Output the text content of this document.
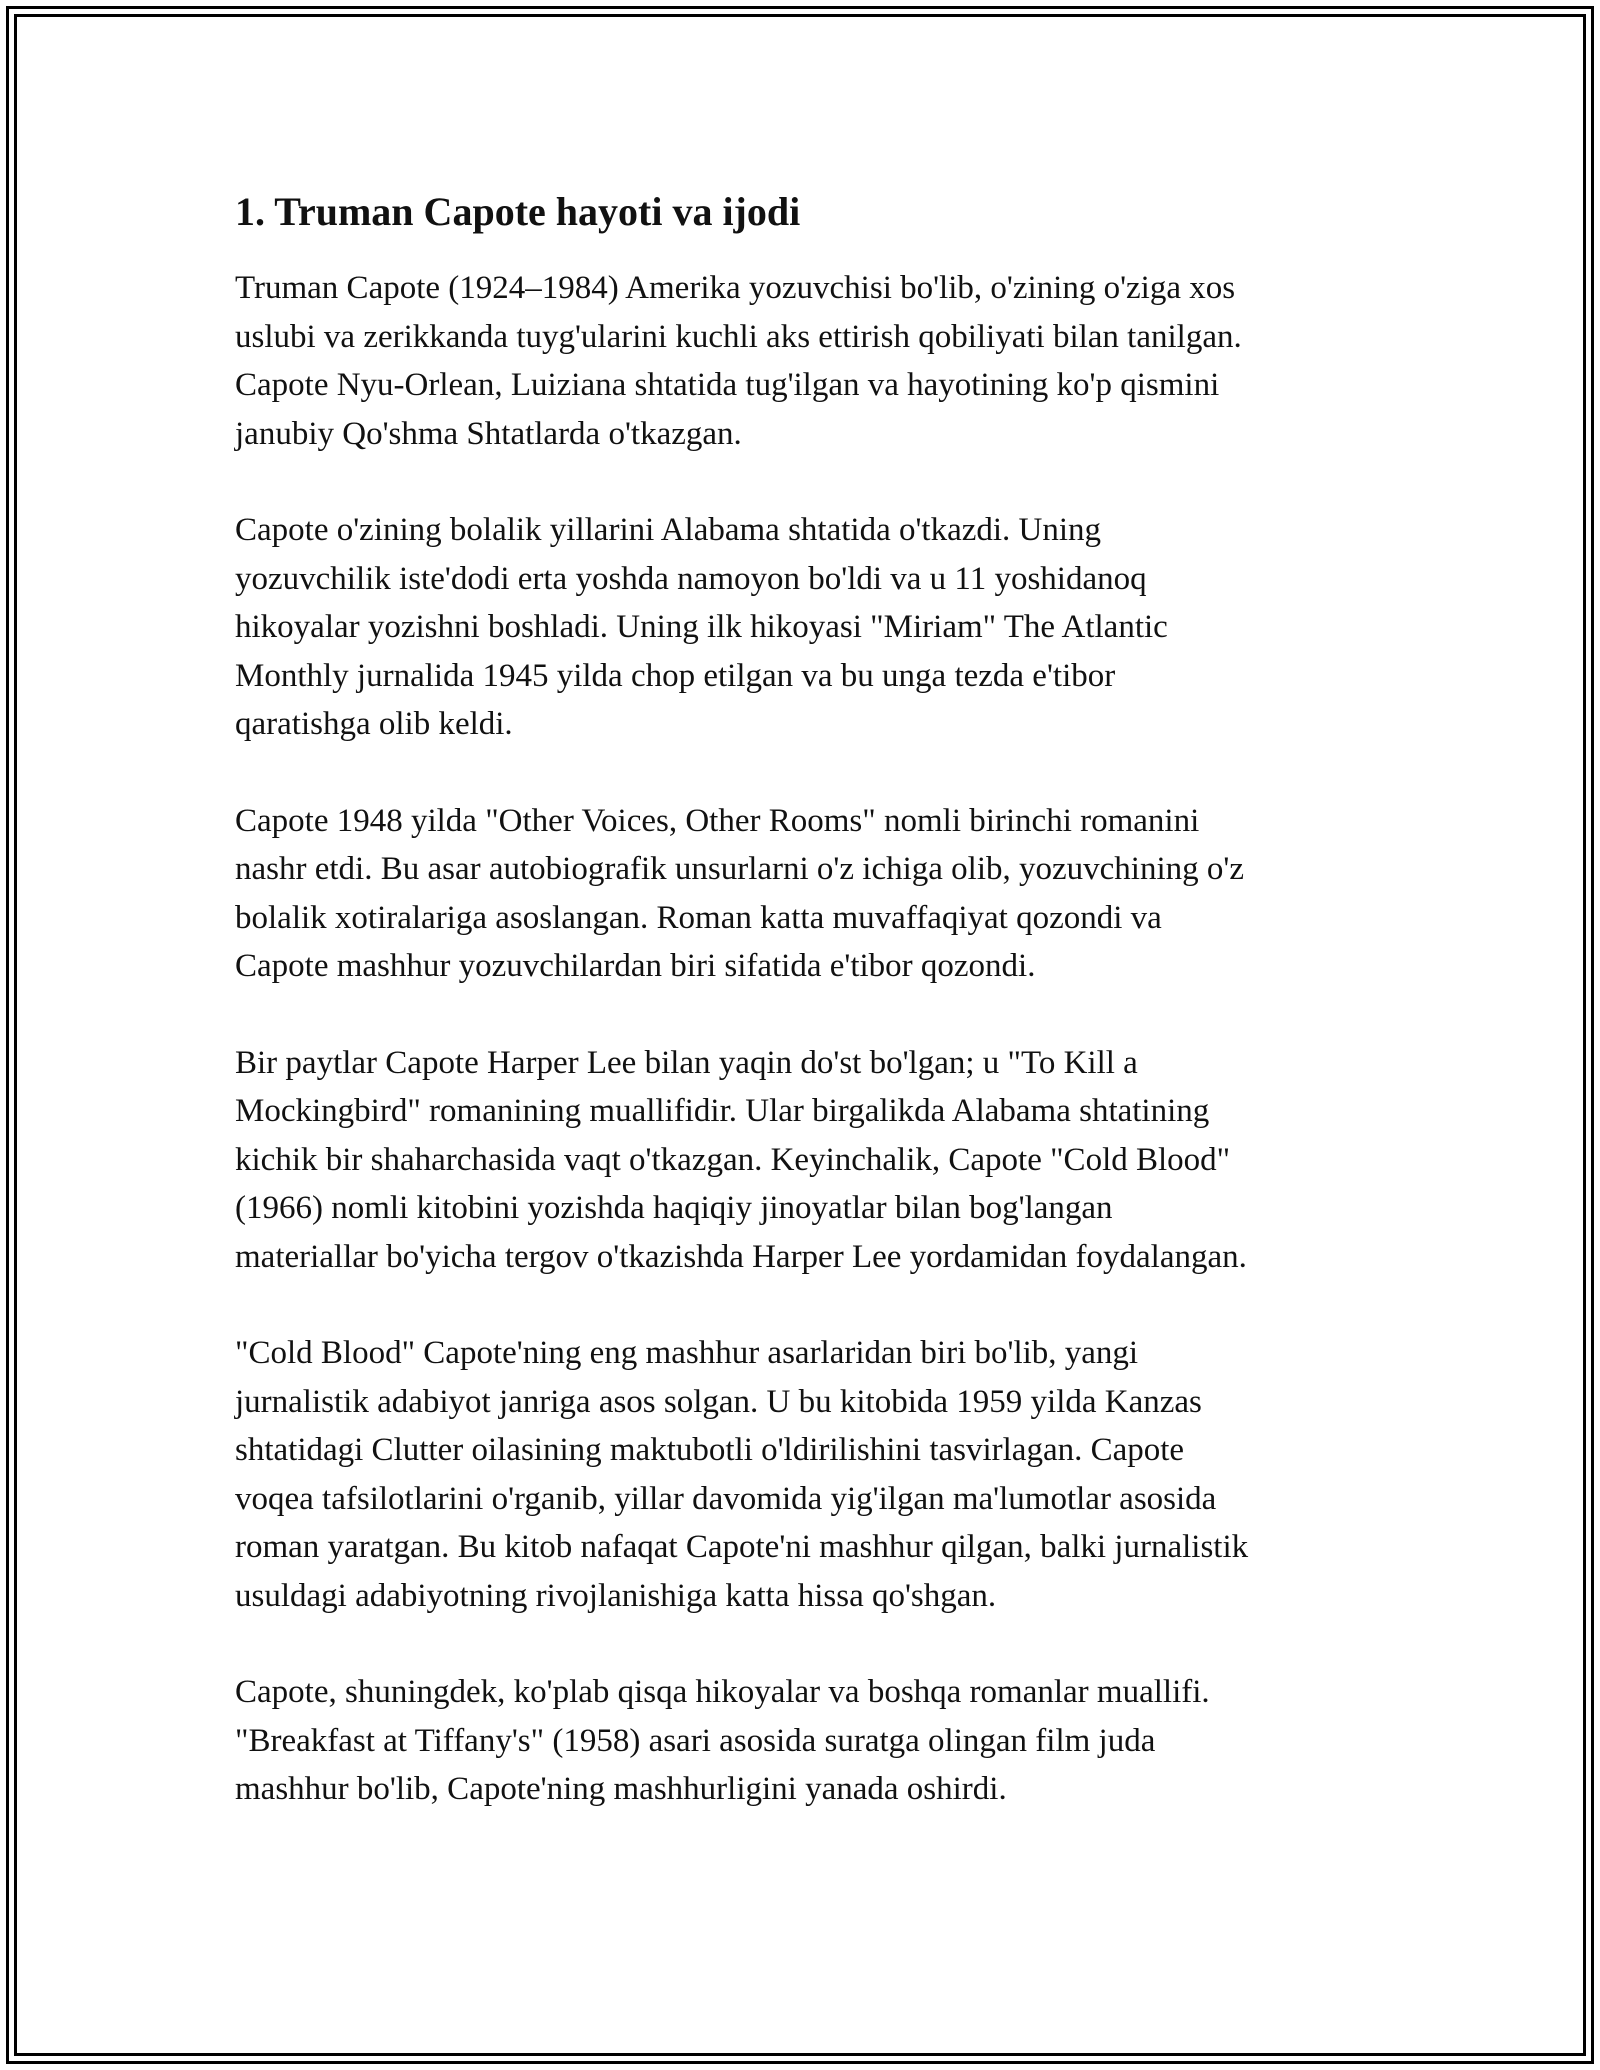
1. Truman Capote hayoti va ijodi

Truman Capote (1924–1984) Amerika yozuvchisi bo'lib, o'zining o'ziga xos
uslubi va zerikkanda tuyg'ularini kuchli aks ettirish qobiliyati bilan tanilgan.
Capote Nyu-Orlean, Luiziana shtatida tug'ilgan va hayotining ko'p qismini
janubiy Qo'shma Shtatlarda o'tkazgan.

Capote o'zining bolalik yillarini Alabama shtatida o'tkazdi. Uning
yozuvchilik iste'dodi erta yoshda namoyon bo'ldi va u 11 yoshidanoq
hikoyalar yozishni boshladi. Uning ilk hikoyasi "Miriam" The Atlantic
Monthly jurnalida 1945 yilda chop etilgan va bu unga tezda e'tibor
qaratishga olib keldi.

Capote 1948 yilda "Other Voices, Other Rooms" nomli birinchi romanini
nashr etdi. Bu asar autobiografik unsurlarni o'z ichiga olib, yozuvchining o'z
bolalik xotiralariga asoslangan. Roman katta muvaffaqiyat qozondi va
Capote mashhur yozuvchilardan biri sifatida e'tibor qozondi.

Bir paytlar Capote Harper Lee bilan yaqin do'st bo'lgan; u "To Kill a
Mockingbird" romanining muallifidir. Ular birgalikda Alabama shtatining
kichik bir shaharchasida vaqt o'tkazgan. Keyinchalik, Capote "Cold Blood"
(1966) nomli kitobini yozishda haqiqiy jinoyatlar bilan bog'langan
materiallar bo'yicha tergov o'tkazishda Harper Lee yordamidan foydalangan.

"Cold Blood" Capote'ning eng mashhur asarlaridan biri bo'lib, yangi
jurnalistik adabiyot janriga asos solgan. U bu kitobida 1959 yilda Kanzas
shtatidagi Clutter oilasining maktubotli o'ldirilishini tasvirlagan. Capote
voqea tafsilotlarini o'rganib, yillar davomida yig'ilgan ma'lumotlar asosida
roman yaratgan. Bu kitob nafaqat Capote'ni mashhur qilgan, balki jurnalistik
usuldagi adabiyotning rivojlanishiga katta hissa qo'shgan.

Capote, shuningdek, ko'plab qisqa hikoyalar va boshqa romanlar muallifi.
"Breakfast at Tiffany's" (1958) asari asosida suratga olingan film juda
mashhur bo'lib, Capote'ning mashhurligini yanada oshirdi.
